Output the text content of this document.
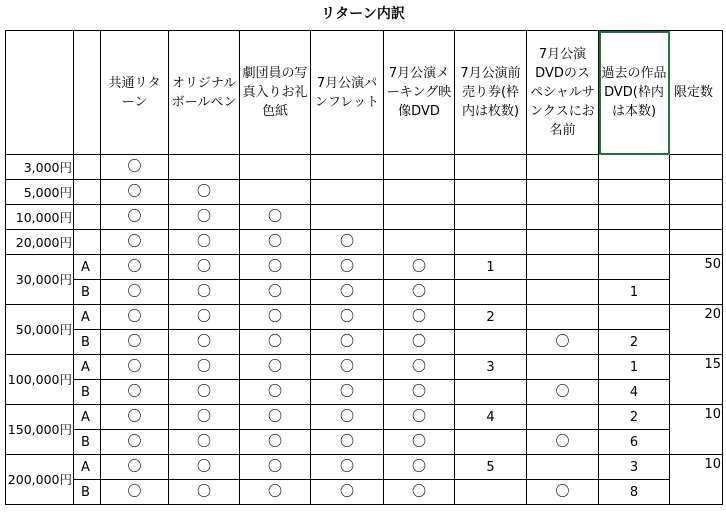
リターン内訳
		共通リターン	オリジナルボールペン	劇団員の写真入りお礼色紙	7月公演パンフレット	7月公演メーキング映像DVD	7月公演前売り券(枠内は枚数)	7月公演DVDのスペシャルサンクスにお名前	過去の作品DVD(枠内は本数)	限定数
3,000円		〇								
5,000円		〇	〇							
10,000円		〇	〇	〇						
20,000円		〇	〇	〇	〇					
30,000円	A	〇	〇	〇	〇	〇	1			50
	B	〇	〇	〇	〇	〇			1	
50,000円	A	〇	〇	〇	〇	〇	2			20
	B	〇	〇	〇	〇	〇		〇	2	
100,000円	A	〇	〇	〇	〇	〇	3		1	15
	B	〇	〇	〇	〇	〇		〇	4	
150,000円	A	〇	〇	〇	〇	〇	4		2	10
	B	〇	〇	〇	〇	〇		〇	6	
200,000円	A	〇	〇	〇	〇	〇	5		3	10
	B	〇	〇	〇	〇	〇		〇	8	
